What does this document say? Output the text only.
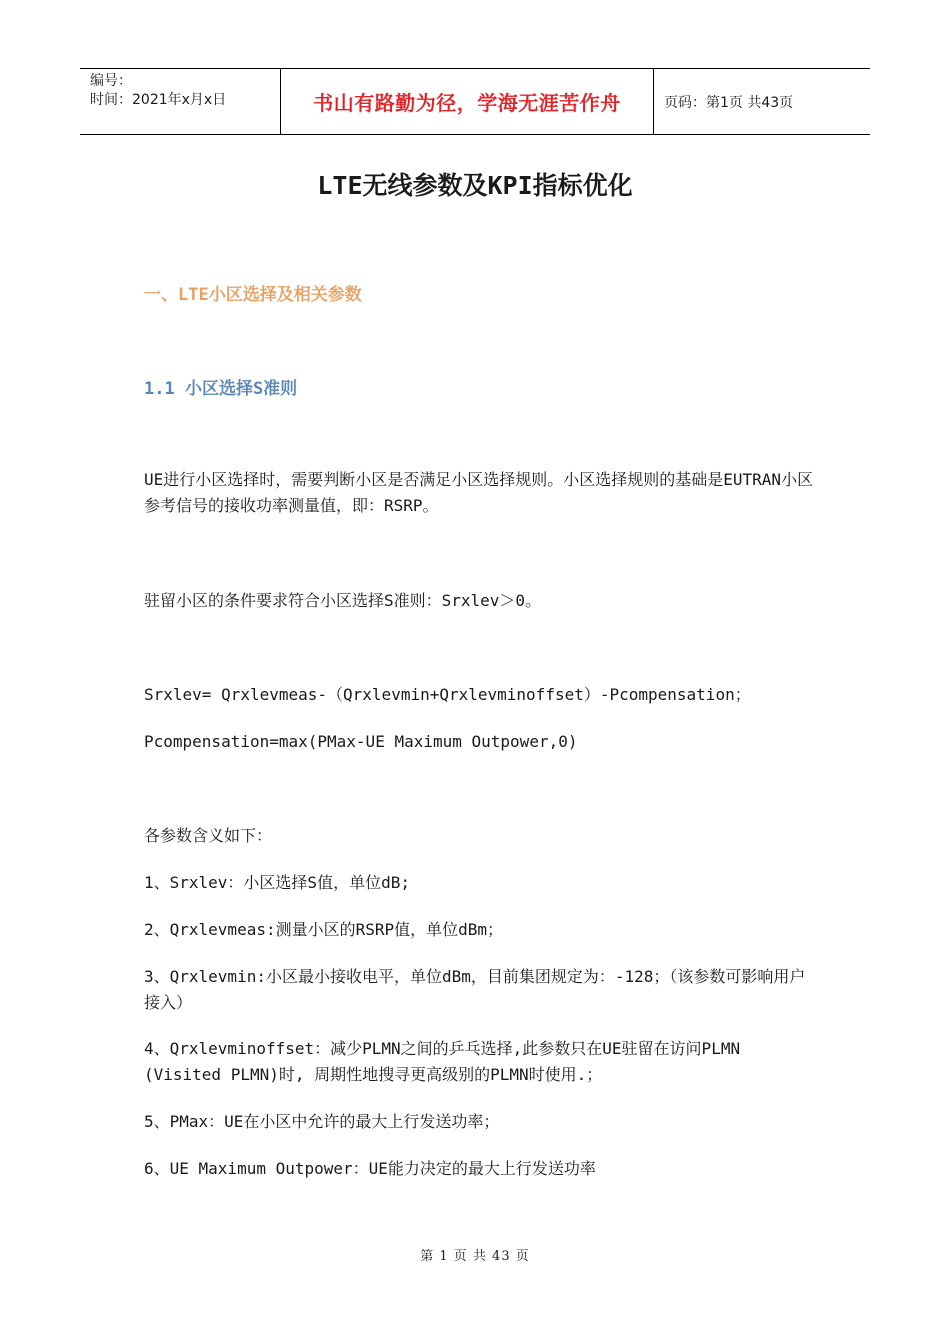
编号：
时间：2021年x月x日	书山有路勤为径，学海无涯苦作舟	页码：第1页 共43页
LTE无线参数及KPI指标优化
一、LTE小区选择及相关参数
1.1 小区选择S准则

UE进行小区选择时，需要判断小区是否满足小区选择规则。小区选择规则的基础是EUTRAN小区参考信号的接收功率测量值，即：RSRP。

驻留小区的条件要求符合小区选择S准则：Srxlev＞0。

Srxlev= Qrxlevmeas-（Qrxlevmin+Qrxlevminoffset）-Pcompensation；

Pcompensation=max(PMax-UE Maximum Outpower,0)

各参数含义如下：

1、Srxlev：小区选择S值，单位dB;

2、Qrxlevmeas:测量小区的RSRP值，单位dBm；

3、Qrxlevmin:小区最小接收电平，单位dBm，目前集团规定为：-128；（该参数可影响用户接入）

4、Qrxlevminoffset：减少PLMN之间的乒乓选择,此参数只在UE驻留在访问PLMN (Visited PLMN)时, 周期性地搜寻更高级别的PLMN时使用.；

5、PMax：UE在小区中允许的最大上行发送功率；

6、UE Maximum Outpower：UE能力决定的最大上行发送功率

第 1 页 共 43 页
